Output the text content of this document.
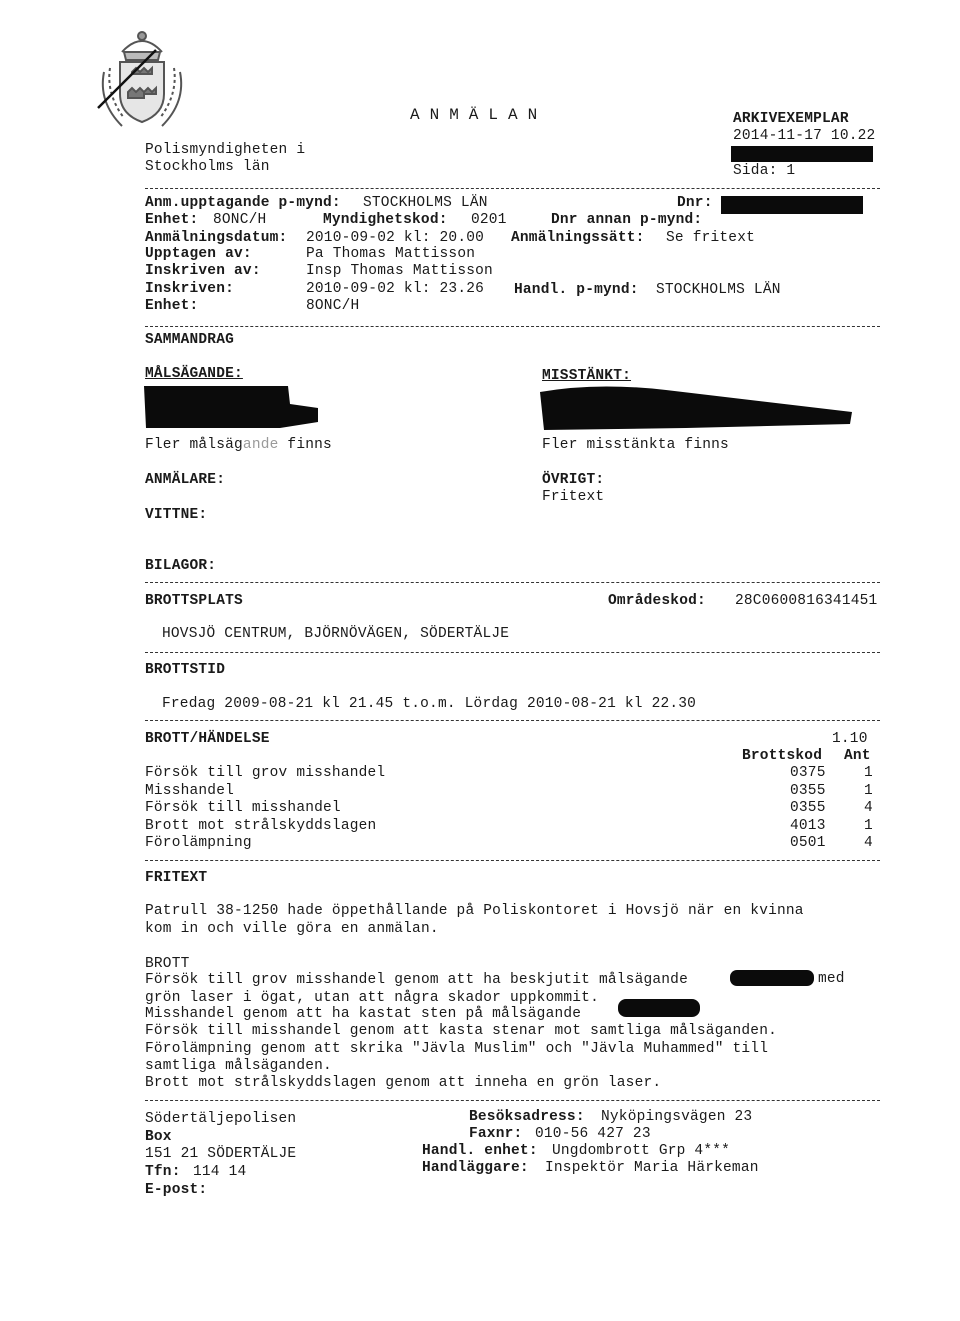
A N M Ä L A N
Polismyndigheten i
Stockholms län
ARKIVEXEMPLAR
2014-11-17 10.22
Sida: 1
Anm.upptagande p-mynd: STOCKHOLMS LÄN	Dnr:
Enhet: 8ONC/H	Myndighetskod: 0201	Dnr annan p-mynd:
Anmälningsdatum: 2010-09-02 kl: 20.00 Anmälningssätt: Se fritext
Upptagen av:	Pa Thomas Mattisson
Inskriven av:	Insp Thomas Mattisson
Inskriven:	2010-09-02 kl: 23.26 Handl. p-mynd: STOCKHOLMS LÄN
Enhet:	8ONC/H
SAMMANDRAG
MÅLSÄGANDE:	MISSTÄNKT:
Fler målsägande finns	Fler misstänkta finns
ANMÄLARE:	ÖVRIGT:
Fritext
VITTNE:
BILAGOR:
BROTTSPLATS	Områdeskod: 28C0600816341451
HOVSJÖ CENTRUM, BJÖRNÖVÄGEN, SÖDERTÄLJE
BROTTSTID
Fredag 2009-08-21 kl 21.45 t.o.m. Lördag 2010-08-21 kl 22.30
BROTT/HÄNDELSE	1.10
Brottskod Ant
Försök till grov misshandel	0375	1
Misshandel	0355	1
Försök till misshandel	0355	4
Brott mot strålskyddslagen	4013	1
Förolämpning	0501	4
FRITEXT
Patrull 38-1250 hade öppethållande på Poliskontoret i Hovsjö när en kvinna
kom in och ville göra en anmälan.
BROTT
Försök till grov misshandel genom att ha beskjutit målsägande	med
grön laser i ögat, utan att några skador uppkommit.
Misshandel genom att ha kastat sten på målsägande
Försök till misshandel genom att kasta stenar mot samtliga målsäganden.
Förolämpning genom att skrika "Jävla Muslim" och "Jävla Muhammed" till
samtliga målsäganden.
Brott mot strålskyddslagen genom att inneha en grön laser.
Södertäljepolisen
Box
151 21 SÖDERTÄLJE
Tfn: 114 14
E-post:
Besöksadress: Nyköpingsvägen 23
Faxnr: 010-56 427 23
Handl. enhet: Ungdombrott Grp 4***
Handläggare: Inspektör Maria Härkeman
